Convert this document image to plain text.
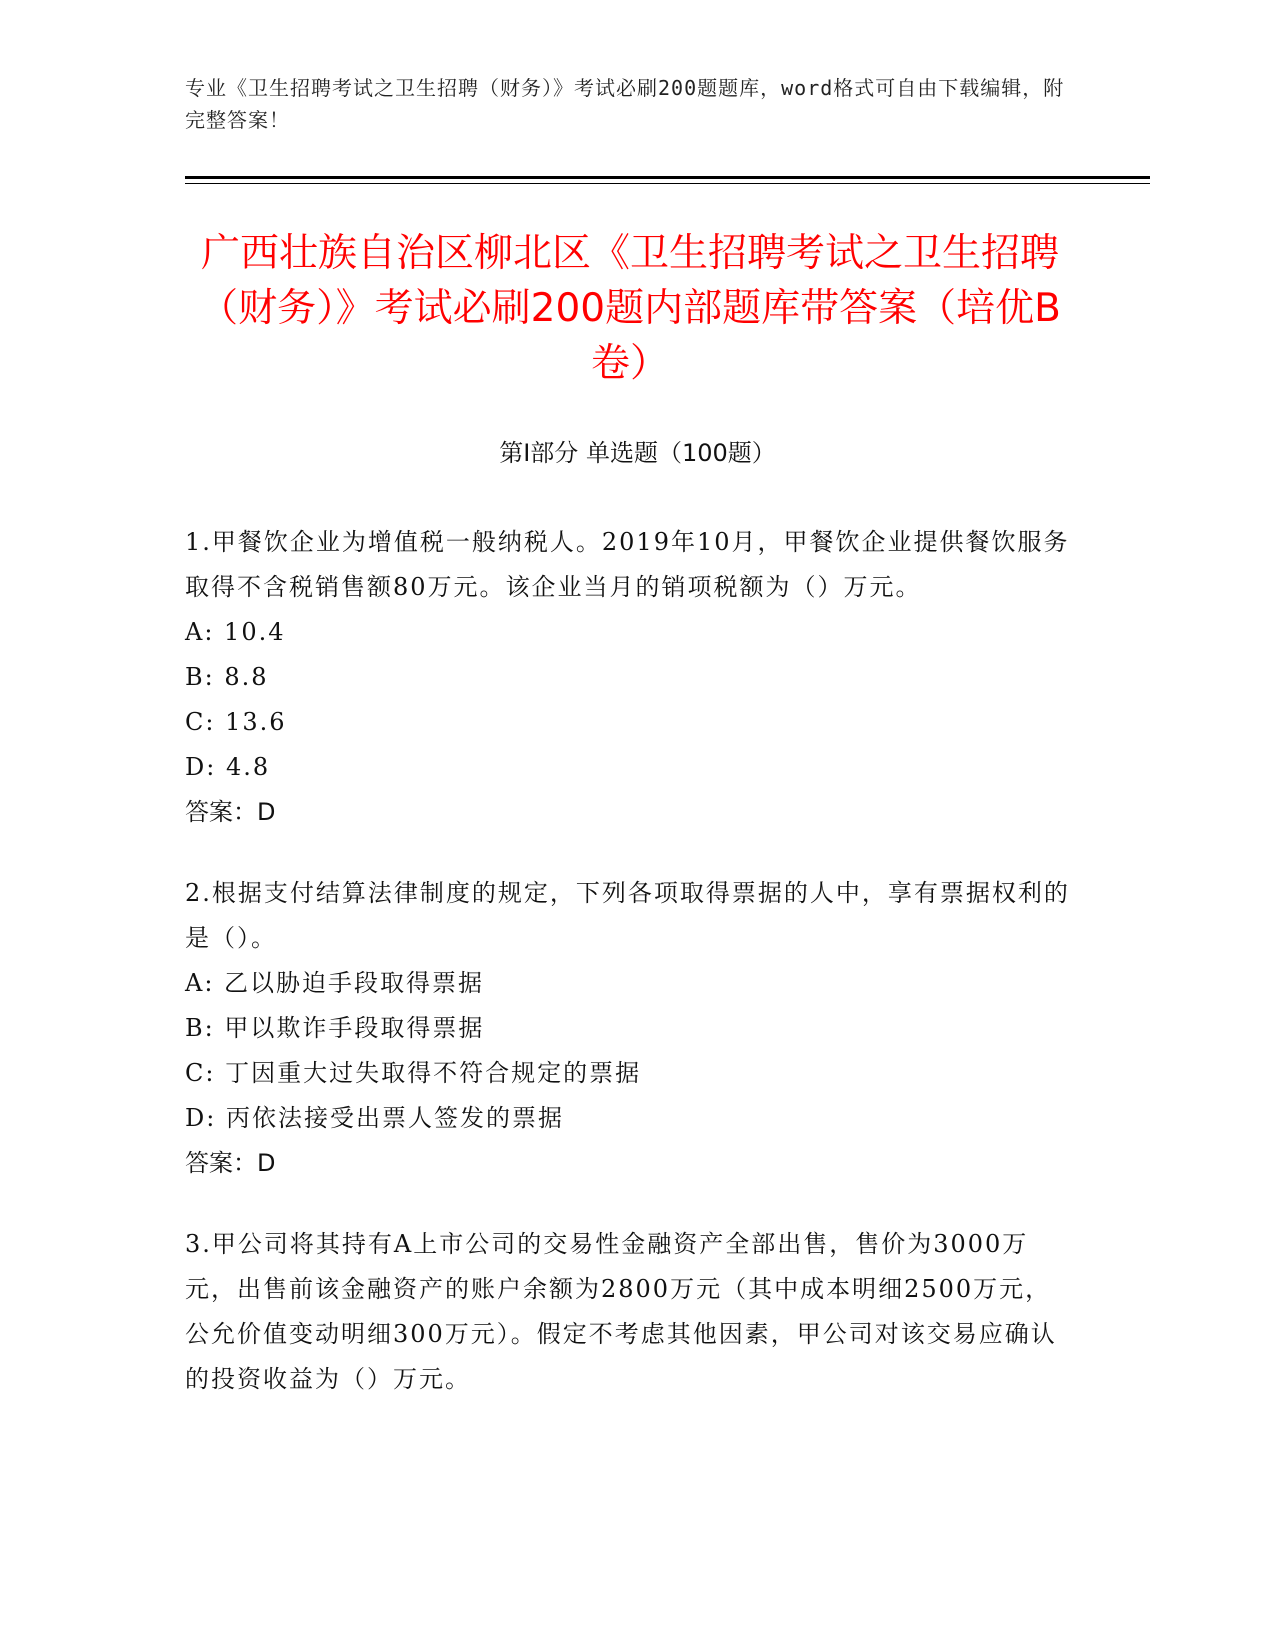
专业《卫生招聘考试之卫生招聘（财务）》考试必刷200题题库，word格式可自由下载编辑，附完整答案！
广西壮族自治区柳北区《卫生招聘考试之卫生招聘（财务）》考试必刷200题内部题库带答案（培优B卷）
第Ⅰ部分 单选题（100题）
1.甲餐饮企业为增值税一般纳税人。2019年10月，甲餐饮企业提供餐饮服务取得不含税销售额80万元。该企业当月的销项税额为（）万元。
A: 10.4
B: 8.8
C: 13.6
D: 4.8
答案：D
2.根据支付结算法律制度的规定，下列各项取得票据的人中，享有票据权利的是（）。
A: 乙以胁迫手段取得票据
B: 甲以欺诈手段取得票据
C: 丁因重大过失取得不符合规定的票据
D: 丙依法接受出票人签发的票据
答案：D
3.甲公司将其持有A上市公司的交易性金融资产全部出售，售价为3000万元，出售前该金融资产的账户余额为2800万元（其中成本明细2500万元，公允价值变动明细300万元）。假定不考虑其他因素，甲公司对该交易应确认的投资收益为（）万元。
